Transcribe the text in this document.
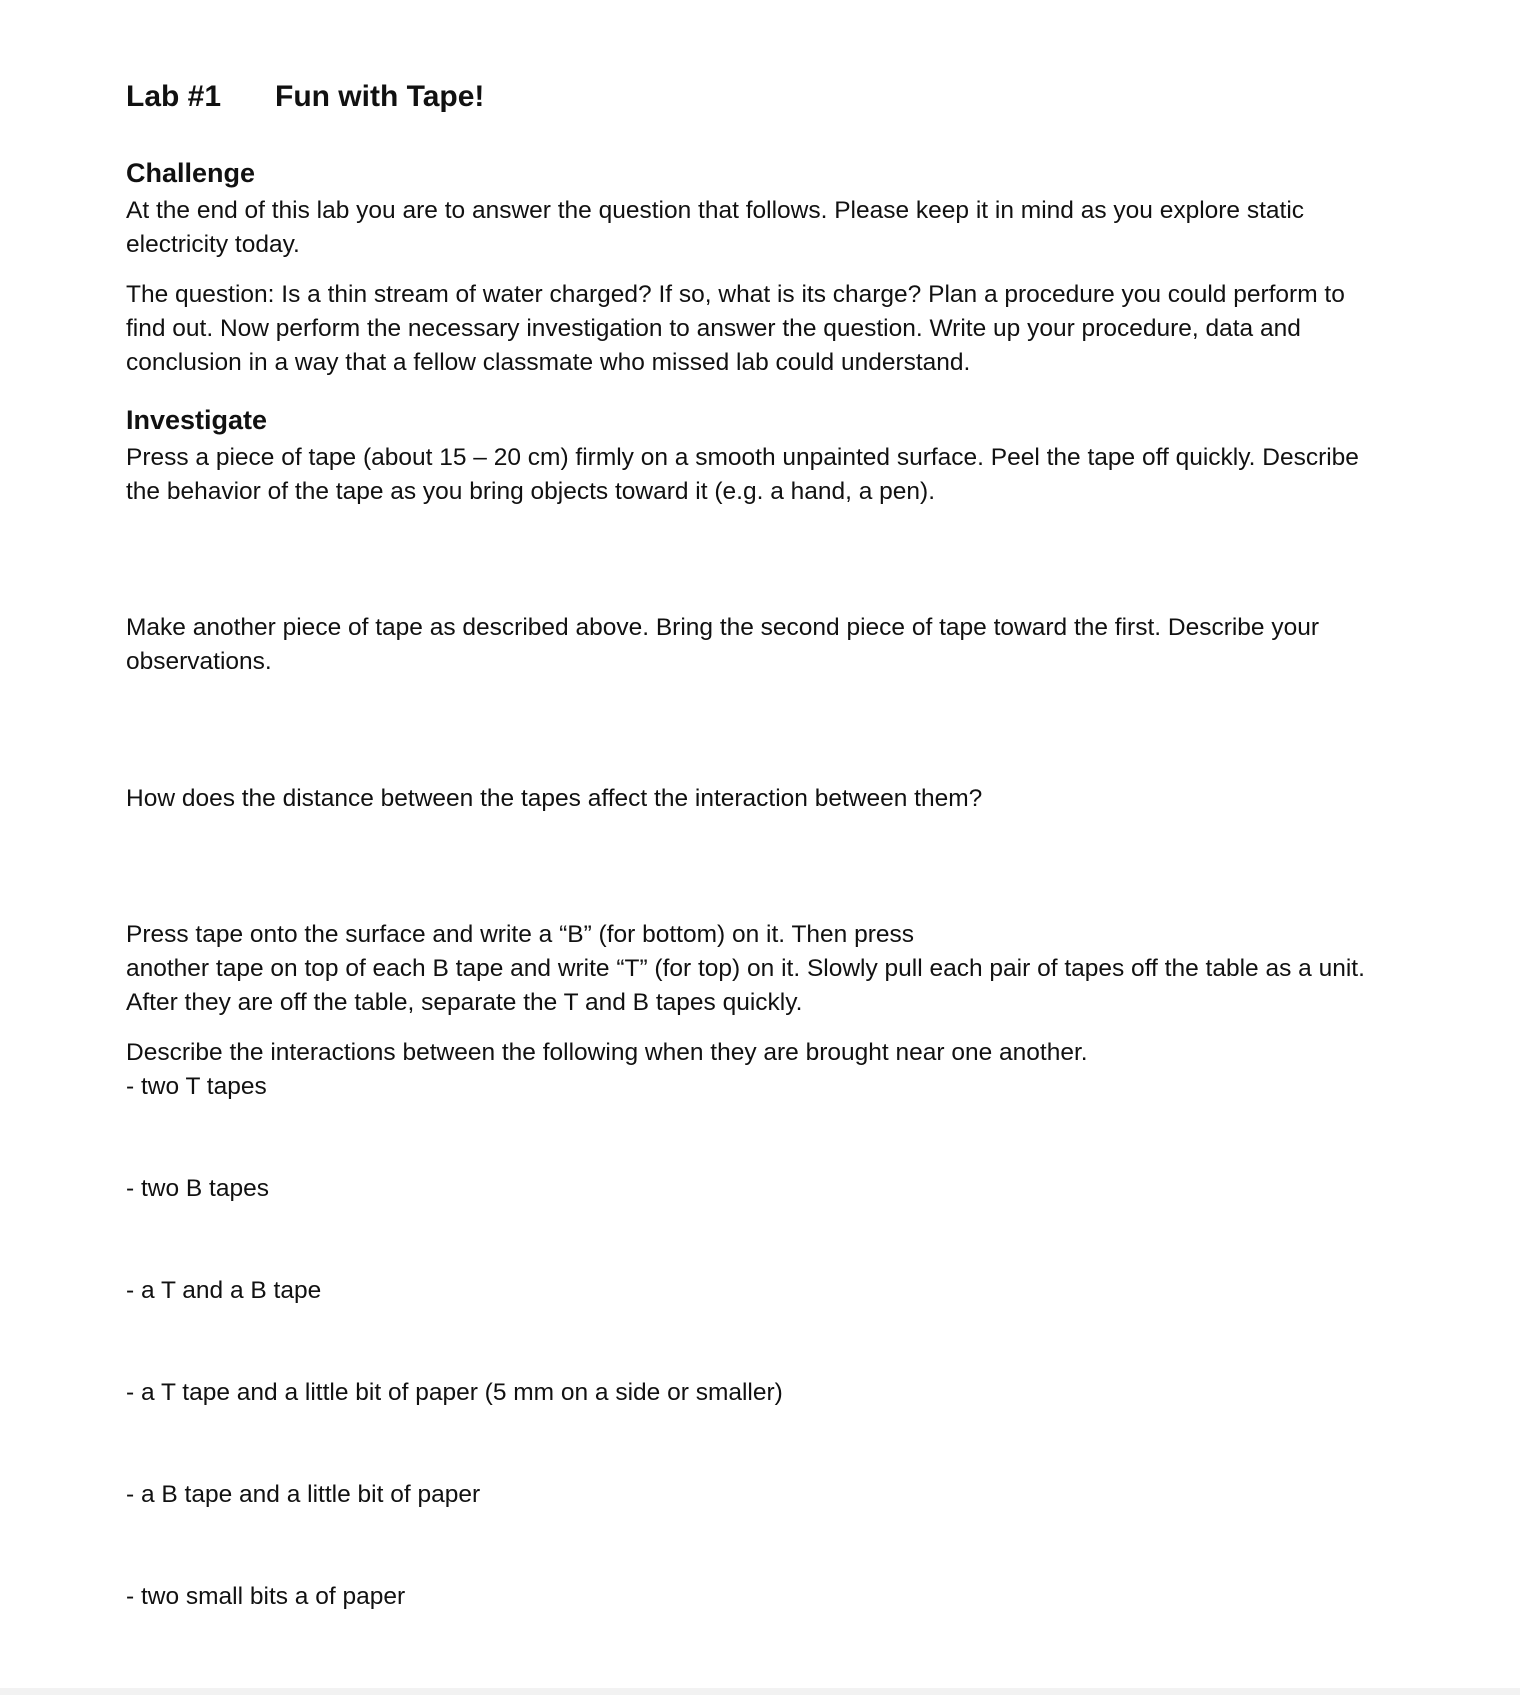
Lab #1 Fun with Tape!
Challenge
At the end of this lab you are to answer the question that follows. Please keep it in mind as you explore static electricity today.
The question: Is a thin stream of water charged? If so, what is its charge? Plan a procedure you could perform to find out. Now perform the necessary investigation to answer the question. Write up your procedure, data and conclusion in a way that a fellow classmate who missed lab could understand.
Investigate
Press a piece of tape (about 15 – 20 cm) firmly on a smooth unpainted surface. Peel the tape off quickly. Describe the behavior of the tape as you bring objects toward it (e.g. a hand, a pen).
Make another piece of tape as described above. Bring the second piece of tape toward the first. Describe your observations.
How does the distance between the tapes affect the interaction between them?
Press tape onto the surface and write a “B” (for bottom) on it. Then press
another tape on top of each B tape and write “T” (for top) on it. Slowly pull each pair of tapes off the table as a unit. After they are off the table, separate the T and B tapes quickly.
Describe the interactions between the following when they are brought near one another.
- two T tapes
- two B tapes
- a T and a B tape
- a T tape and a little bit of paper (5 mm on a side or smaller)
- a B tape and a little bit of paper
- two small bits a of paper
